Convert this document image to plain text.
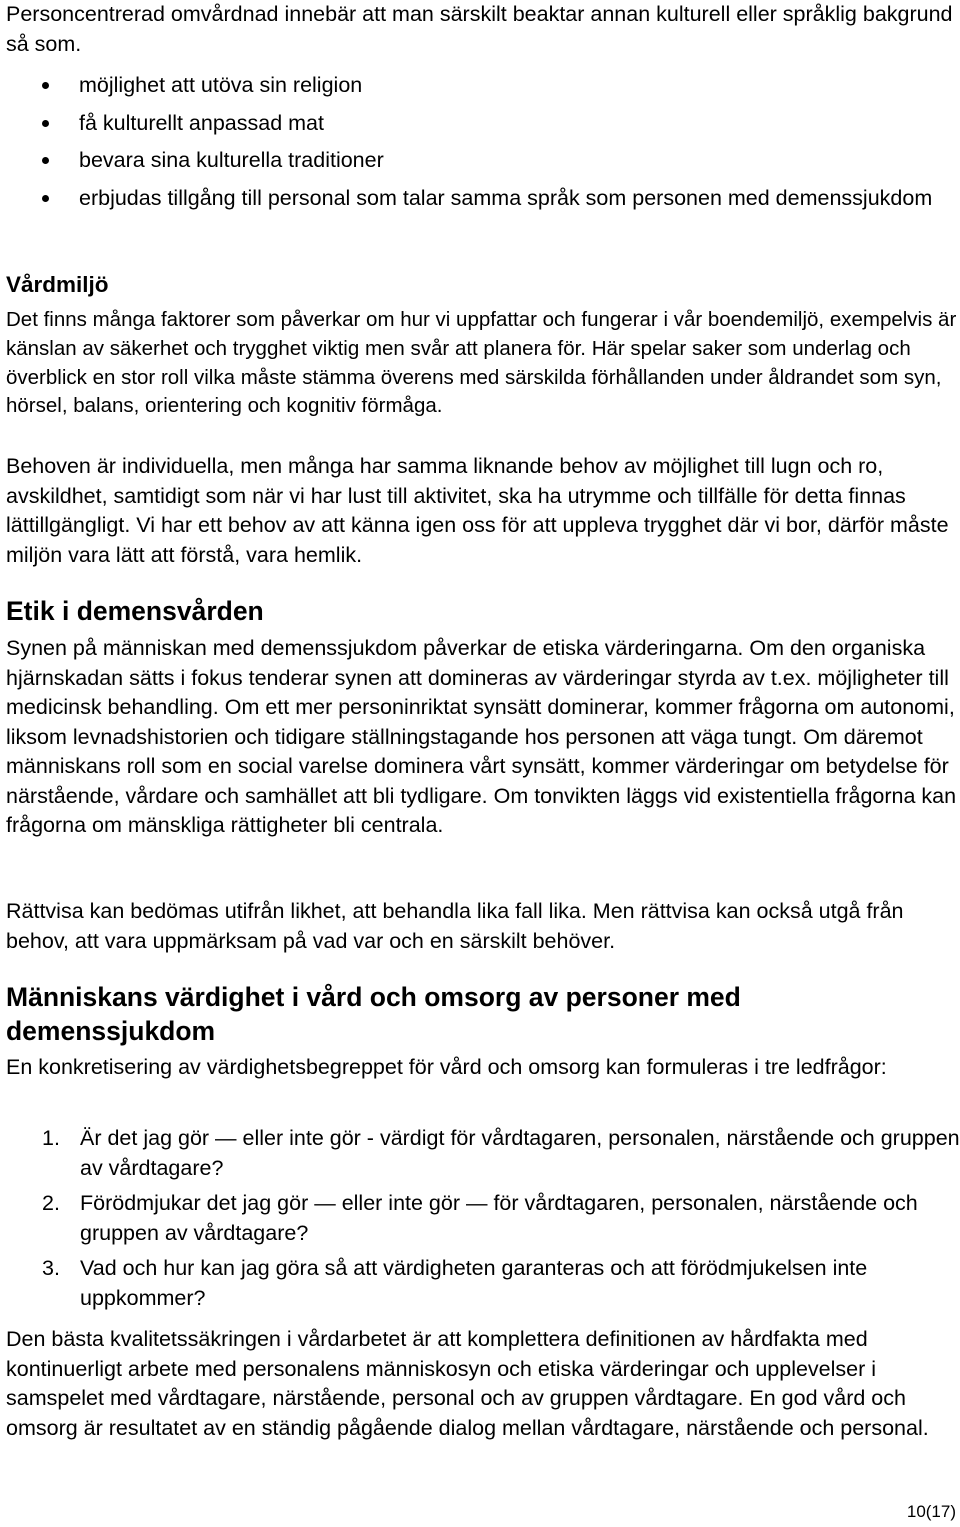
Personcentrerad omvårdnad innebär att man särskilt beaktar annan kulturell eller språklig bakgrund så som.

möjlighet att utöva sin religion
få kulturellt anpassad mat
bevara sina kulturella traditioner
erbjudas tillgång till personal som talar samma språk som personen med demenssjukdom
Vårdmiljö

Det finns många faktorer som påverkar om hur vi uppfattar och fungerar i vår boendemiljö, exempelvis är känslan av säkerhet och trygghet viktig men svår att planera för. Här spelar saker som underlag och överblick en stor roll vilka måste stämma överens med särskilda förhållanden under åldrandet som syn, hörsel, balans, orientering och kognitiv förmåga.

Behoven är individuella, men många har samma liknande behov av möjlighet till lugn och ro, avskildhet, samtidigt som när vi har lust till aktivitet, ska ha utrymme och tillfälle för detta finnas lättillgängligt. Vi har ett behov av att känna igen oss för att uppleva trygghet där vi bor, därför måste miljön vara lätt att förstå, vara hemlik.

Etik i demensvården

Synen på människan med demenssjukdom påverkar de etiska värderingarna. Om den organiska hjärnskadan sätts i fokus tenderar synen att domineras av värderingar styrda av t.ex. möjligheter till medicinsk behandling. Om ett mer personinriktat synsätt dominerar, kommer frågorna om autonomi, liksom levnadshistorien och tidigare ställningstagande hos personen att väga tungt. Om däremot människans roll som en social varelse dominera vårt synsätt, kommer värderingar om betydelse för närstående, vårdare och samhället att bli tydligare. Om tonvikten läggs vid existentiella frågorna kan frågorna om mänskliga rättigheter bli centrala.

Rättvisa kan bedömas utifrån likhet, att behandla lika fall lika. Men rättvisa kan också utgå från behov, att vara uppmärksam på vad var och en särskilt behöver.

Människans värdighet i vård och omsorg av personer med demenssjukdom

En konkretisering av värdighetsbegreppet för vård och omsorg kan formuleras i tre ledfrågor:

1. Är det jag gör — eller inte gör - värdigt för vårdtagaren, personalen, närstående och gruppen av vårdtagare?
2. Förödmjukar det jag gör — eller inte gör — för vårdtagaren, personalen, närstående och gruppen av vårdtagare?
3. Vad och hur kan jag göra så att värdigheten garanteras och att förödmjukelsen inte uppkommer?

Den bästa kvalitetssäkringen i vårdarbetet är att komplettera definitionen av hårdfakta med kontinuerligt arbete med personalens människosyn och etiska värderingar och upplevelser i samspelet med vårdtagare, närstående, personal och av gruppen vårdtagare. En god vård och omsorg är resultatet av en ständig pågående dialog mellan vårdtagare, närstående och personal.

10(17)
